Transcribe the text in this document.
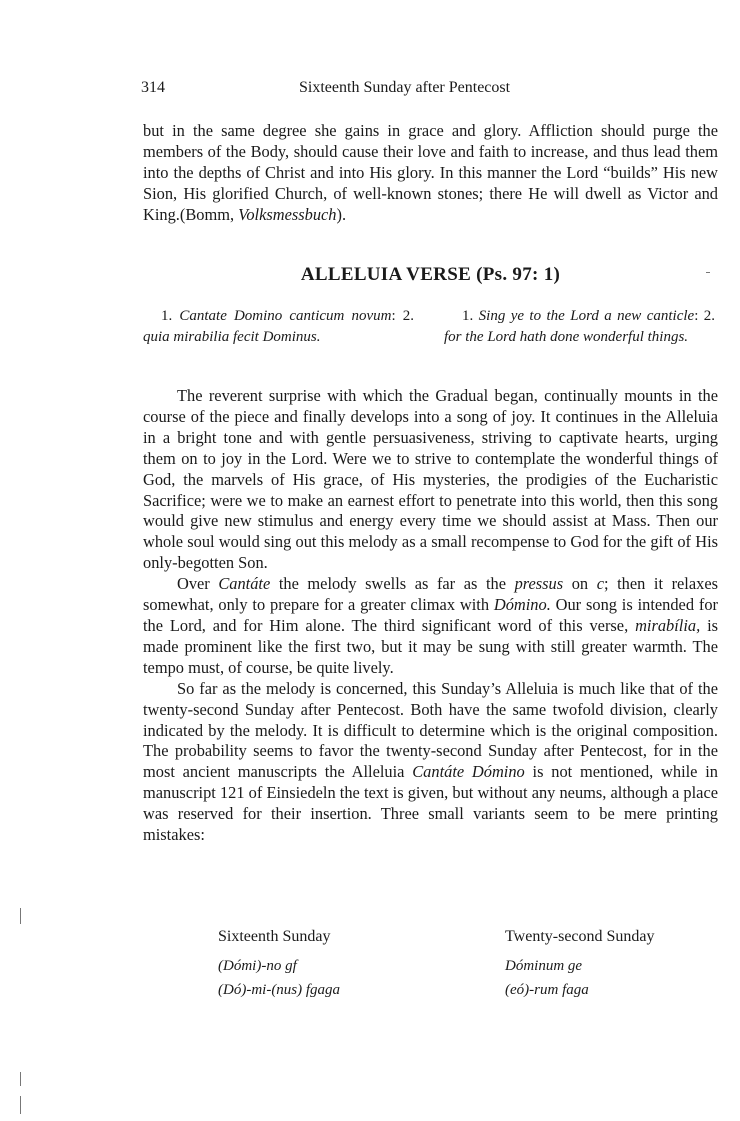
314	Sixteenth Sunday after Pentecost

but in the same degree she gains in grace and glory. Affliction should purge the members of the Body, should cause their love and faith to increase, and thus lead them into the depths of Christ and into His glory. In this manner the Lord “builds” His new Sion, His glorified Church, of well-known stones; there He will dwell as Victor and King.(Bomm, Volksmessbuch).

ALLELUIA VERSE (Ps. 97: 1)

1. Cantate Domino canticum novum: 2. quia mirabilia fecit Dominus.

1. Sing ye to the Lord a new canticle: 2. for the Lord hath done wonderful things.

The reverent surprise with which the Gradual began, continually mounts in the course of the piece and finally develops into a song of joy. It continues in the Alleluia in a bright tone and with gentle persuasiveness, striving to captivate hearts, urging them on to joy in the Lord. Were we to strive to contemplate the wonderful things of God, the marvels of His grace, of His mysteries, the prodigies of the Eucharistic Sacrifice; were we to make an earnest effort to penetrate into this world, then this song would give new stimulus and energy every time we should assist at Mass. Then our whole soul would sing out this melody as a small recompense to God for the gift of His only-begotten Son.

Over Cantáte the melody swells as far as the pressus on c; then it relaxes somewhat, only to prepare for a greater climax with Dómino. Our song is intended for the Lord, and for Him alone. The third significant word of this verse, mirabília, is made prominent like the first two, but it may be sung with still greater warmth. The tempo must, of course, be quite lively.

So far as the melody is concerned, this Sunday’s Alleluia is much like that of the twenty-second Sunday after Pentecost. Both have the same twofold division, clearly indicated by the melody. It is difficult to determine which is the original composition. The probability seems to favor the twenty-second Sunday after Pentecost, for in the most ancient manuscripts the Alleluia Cantáte Dómino is not mentioned, while in manuscript 121 of Einsiedeln the text is given, but without any neums, although a place was reserved for their insertion. Three small variants seem to be mere printing mistakes:

Sixteenth Sunday
(Dómi)-no gf
(Dó)-mi-(nus) fgaga
Twenty-second Sunday
Dóminum ge
(eó)-rum faga
